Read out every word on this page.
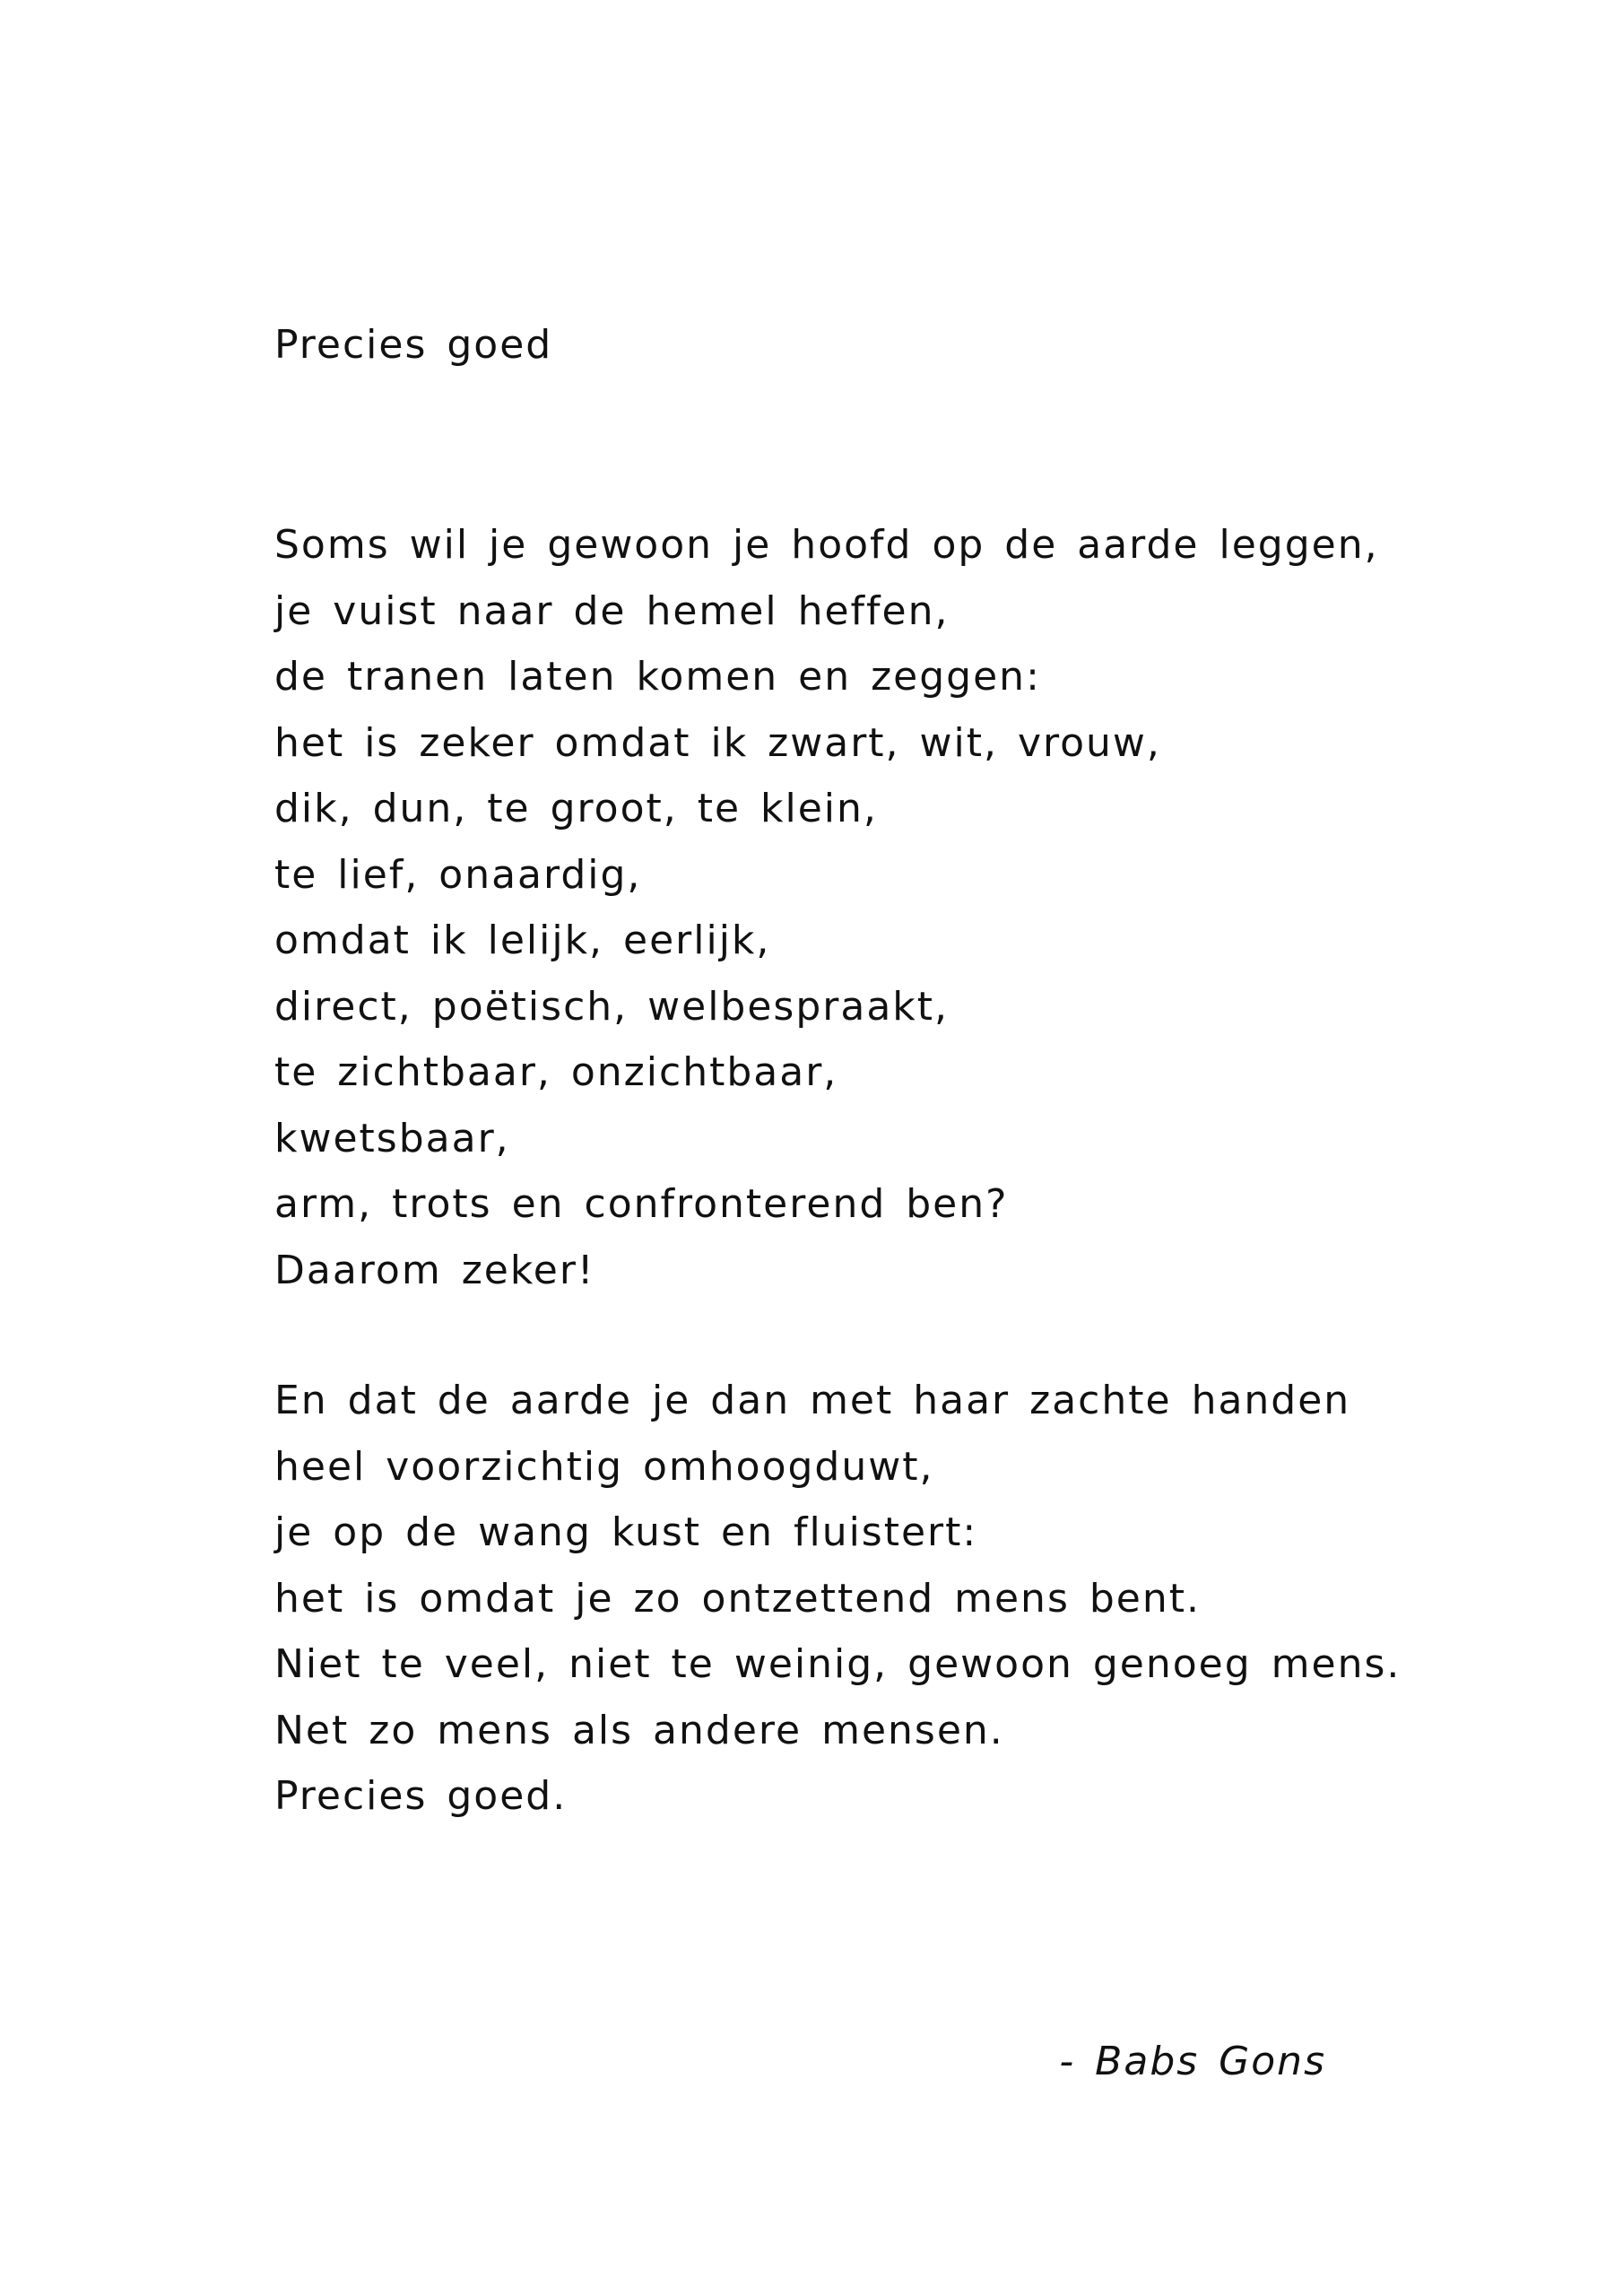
Precies goed
Soms wil je gewoon je hoofd op de aarde leggen,
je vuist naar de hemel heffen,
de tranen laten komen en zeggen:
het is zeker omdat ik zwart, wit, vrouw,
dik, dun, te groot, te klein,
te lief, onaardig,
omdat ik lelijk, eerlijk,
direct, poëtisch, welbespraakt,
te zichtbaar, onzichtbaar,
kwetsbaar,
arm, trots en confronterend ben?
Daarom zeker!
En dat de aarde je dan met haar zachte handen
heel voorzichtig omhoogduwt,
je op de wang kust en fluistert:
het is omdat je zo ontzettend mens bent.
Niet te veel, niet te weinig, gewoon genoeg mens.
Net zo mens als andere mensen.
Precies goed.
- Babs Gons
